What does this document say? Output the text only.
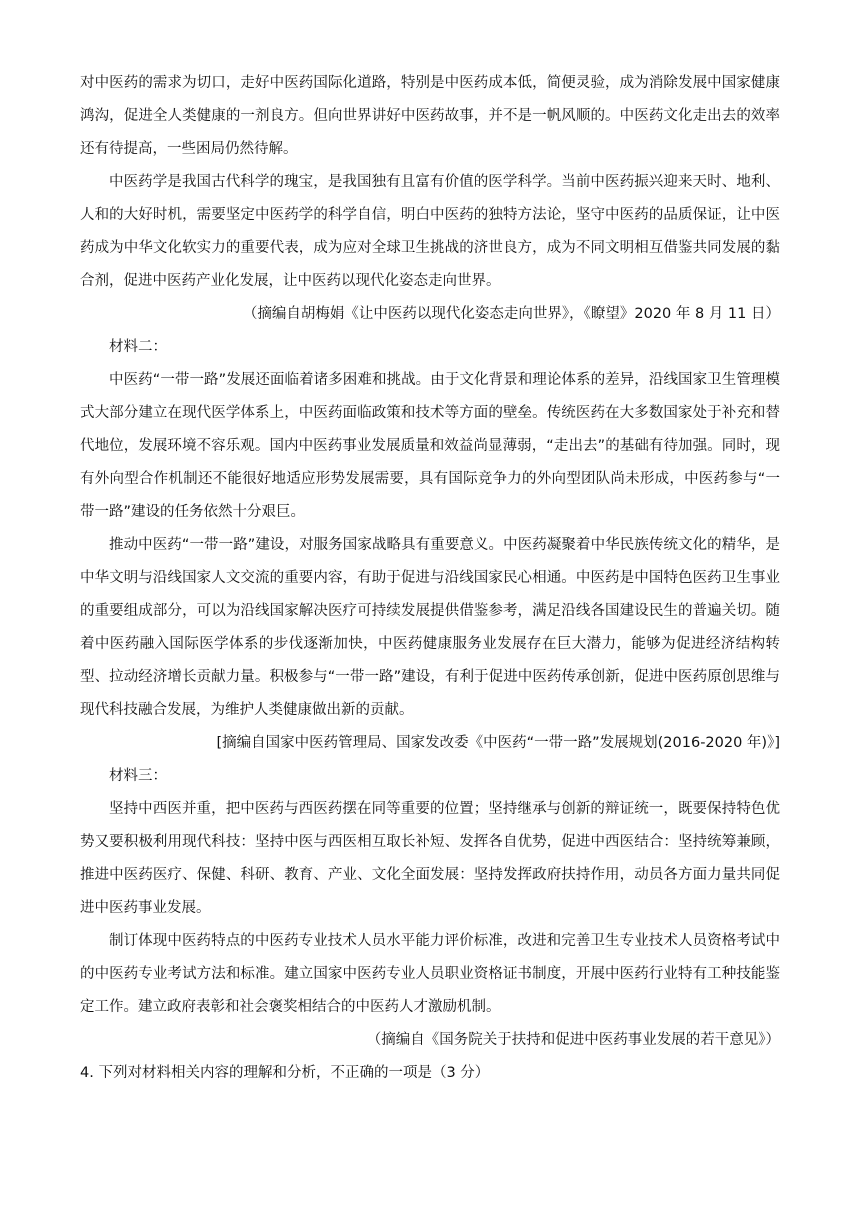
对中医药的需求为切口，走好中医药国际化道路，特别是中医药成本低，简便灵验，成为消除发展中国家健康鸿沟，促进全人类健康的一剂良方。但向世界讲好中医药故事，并不是一帆风顺的。中医药文化走出去的效率还有待提高，一些困局仍然待解。

中医药学是我国古代科学的瑰宝，是我国独有且富有价值的医学科学。当前中医药振兴迎来天时、地利、人和的大好时机，需要坚定中医药学的科学自信，明白中医药的独特方法论，坚守中医药的品质保证，让中医药成为中华文化软实力的重要代表，成为应对全球卫生挑战的济世良方，成为不同文明相互借鉴共同发展的黏合剂，促进中医药产业化发展，让中医药以现代化姿态走向世界。

（摘编自胡梅娟《让中医药以现代化姿态走向世界》，《瞭望》2020 年 8 月 11 日）

材料二：

中医药“一带一路”发展还面临着诸多困难和挑战。由于文化背景和理论体系的差异，沿线国家卫生管理模式大部分建立在现代医学体系上，中医药面临政策和技术等方面的壁垒。传统医药在大多数国家处于补充和替代地位，发展环境不容乐观。国内中医药事业发展质量和效益尚显薄弱，“走出去”的基础有待加强。同时，现有外向型合作机制还不能很好地适应形势发展需要，具有国际竞争力的外向型团队尚未形成，中医药参与“一带一路”建设的任务依然十分艰巨。

推动中医药“一带一路”建设，对服务国家战略具有重要意义。中医药凝聚着中华民族传统文化的精华，是中华文明与沿线国家人文交流的重要内容，有助于促进与沿线国家民心相通。中医药是中国特色医药卫生事业的重要组成部分，可以为沿线国家解决医疗可持续发展提供借鉴参考，满足沿线各国建设民生的普遍关切。随着中医药融入国际医学体系的步伐逐渐加快，中医药健康服务业发展存在巨大潜力，能够为促进经济结构转型、拉动经济增长贡献力量。积极参与“一带一路”建设，有利于促进中医药传承创新，促进中医药原创思维与现代科技融合发展，为维护人类健康做出新的贡献。

[摘编自国家中医药管理局、国家发改委《中医药“一带一路”发展规划(2016-2020 年)》]

材料三：

坚持中西医并重，把中医药与西医药摆在同等重要的位置；坚持继承与创新的辩证统一，既要保持特色优势又要积极利用现代科技：坚持中医与西医相互取长补短、发挥各自优势，促进中西医结合：坚持统筹兼顾，推进中医药医疗、保健、科研、教育、产业、文化全面发展：坚持发挥政府扶持作用，动员各方面力量共同促进中医药事业发展。

制订体现中医药特点的中医药专业技术人员水平能力评价标准，改进和完善卫生专业技术人员资格考试中的中医药专业考试方法和标准。建立国家中医药专业人员职业资格证书制度，开展中医药行业特有工种技能鉴定工作。建立政府表彰和社会褒奖相结合的中医药人才激励机制。

（摘编自《国务院关于扶持和促进中医药事业发展的若干意见》）

4. 下列对材料相关内容的理解和分析，不正确的一项是（3 分）
